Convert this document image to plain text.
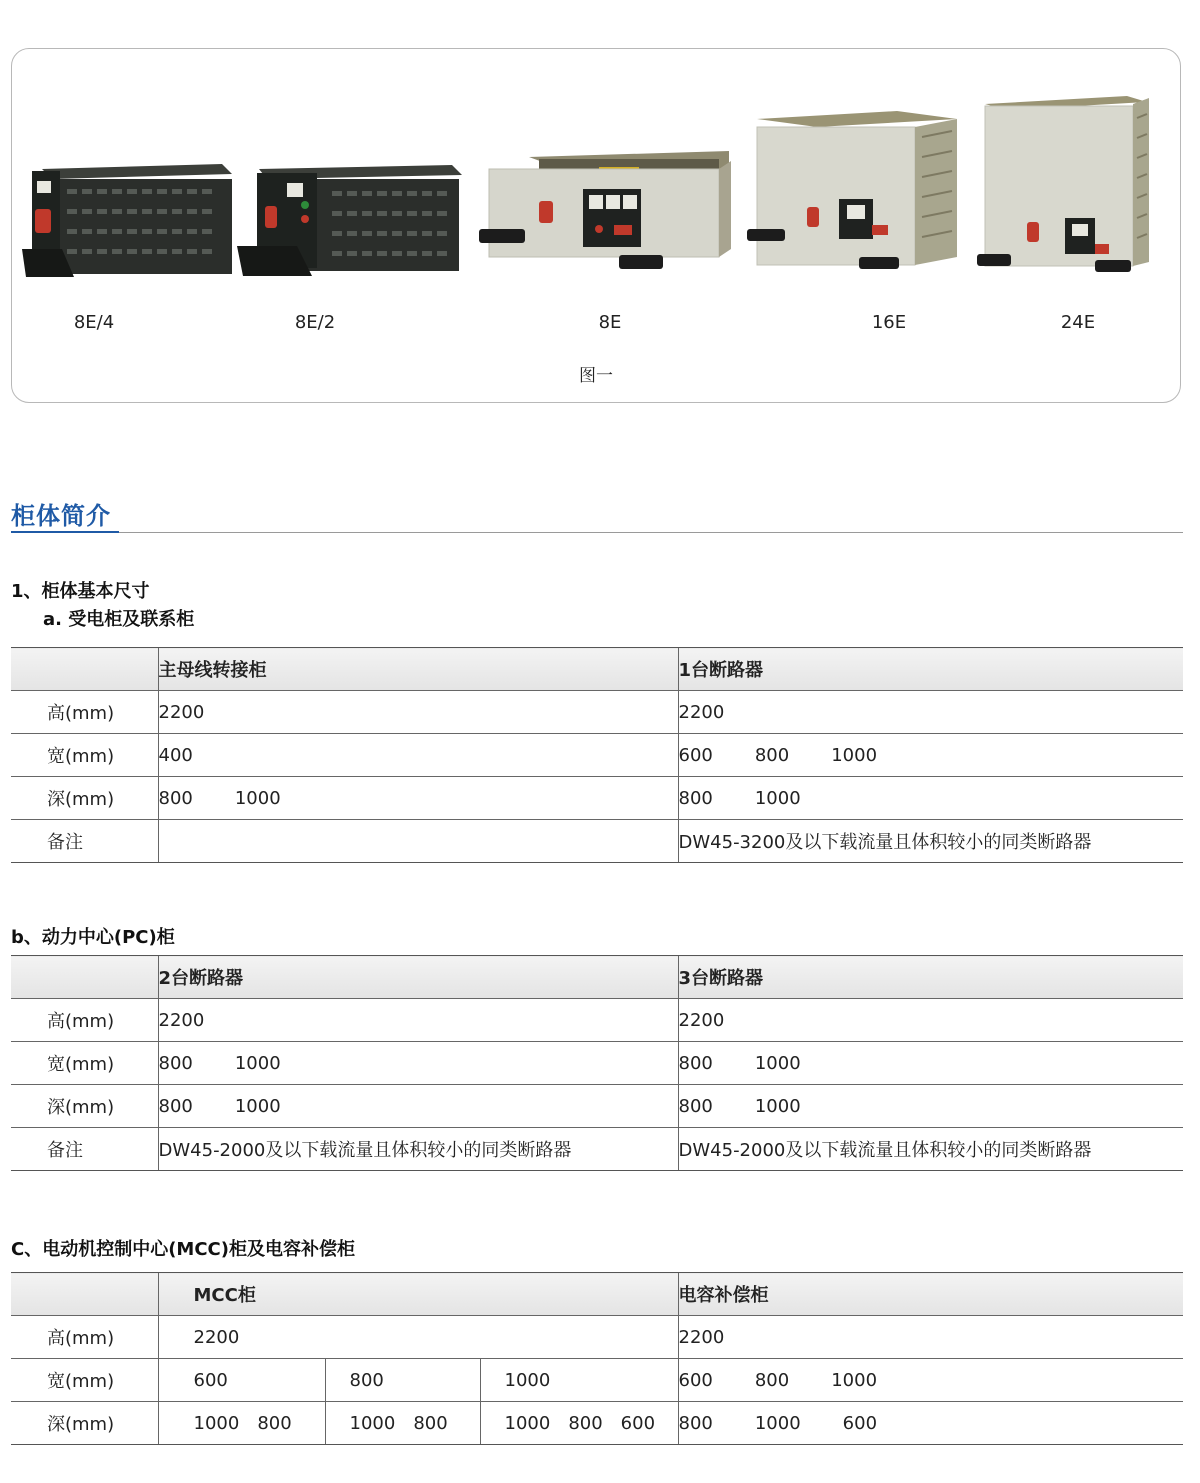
8E/4	8E/2	8E	16E	24E
图一
柜体简介
1、柜体基本尺寸
a. 受电柜及联系柜
	主母线转接柜	1台断路器
高(mm)	2200	2200
宽(mm)	400	600 800 1000
深(mm)	800 1000	800 1000
备注		DW45-3200及以下载流量且体积较小的同类断路器
b、动力中心(PC)柜
	2台断路器	3台断路器
高(mm)	2200	2200
宽(mm)	800 1000	800 1000
深(mm)	800 1000	800 1000
备注	DW45-2000及以下载流量且体积较小的同类断路器	DW45-2000及以下载流量且体积较小的同类断路器
C、电动机控制中心(MCC)柜及电容补偿柜
	MCC柜			电容补偿柜
高(mm)	2200			2200
宽(mm)	600	800	1000	600 800 1000
深(mm)	1000 800	1000 800	1000 800 600	800 1000 600
